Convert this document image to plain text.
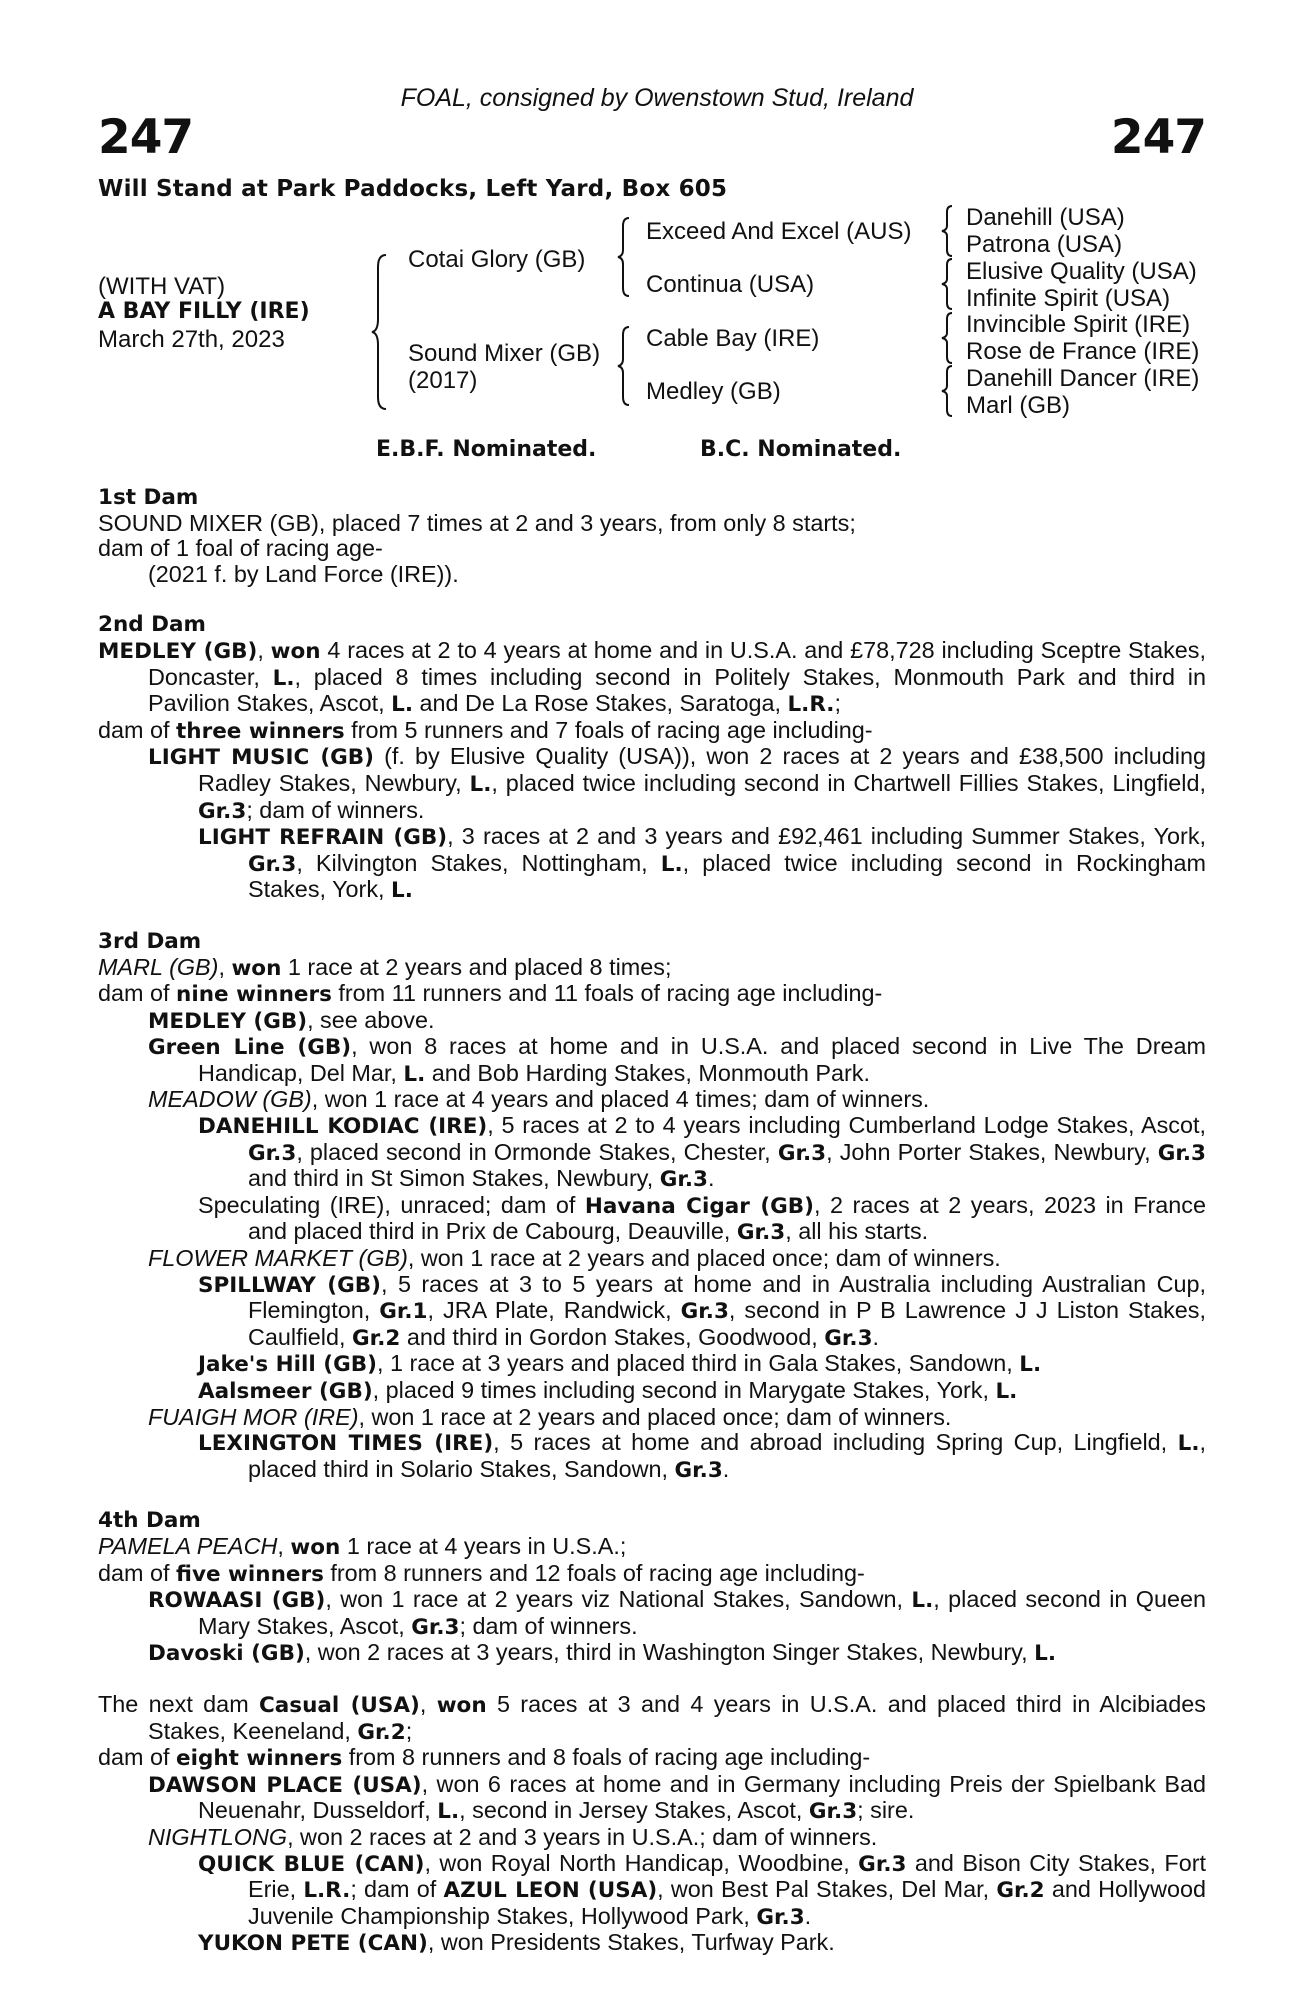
FOAL, consigned by Owenstown Stud, Ireland
247	247
Will Stand at Park Paddocks, Left Yard, Box 605
(WITH VAT)
A BAY FILLY (IRE)
March 27th, 2023
Cotai Glory (GB)
Sound Mixer (GB)
(2017)
Exceed And Excel (AUS)
Continua (USA)
Cable Bay (IRE)
Medley (GB)
Danehill (USA)
Patrona (USA)
Elusive Quality (USA)
Infinite Spirit (USA)
Invincible Spirit (IRE)
Rose de France (IRE)
Danehill Dancer (IRE)
Marl (GB)
E.B.F. Nominated.	B.C. Nominated.

1st Dam

SOUND MIXER (GB), placed 7 times at 2 and 3 years, from only 8 starts;

dam of 1 foal of racing age-

(2021 f. by Land Force (IRE)).

2nd Dam

MEDLEY (GB), won 4 races at 2 to 4 years at home and in U.S.A. and £78,728 including Sceptre Stakes, Doncaster, L., placed 8 times including second in Politely Stakes, Monmouth Park and third in Pavilion Stakes, Ascot, L. and De La Rose Stakes, Saratoga, L.R.;

dam of three winners from 5 runners and 7 foals of racing age including-

LIGHT MUSIC (GB) (f. by Elusive Quality (USA)), won 2 races at 2 years and £38,500 including Radley Stakes, Newbury, L., placed twice including second in Chartwell Fillies Stakes, Lingfield, Gr.3; dam of winners.

LIGHT REFRAIN (GB), 3 races at 2 and 3 years and £92,461 including Summer Stakes, York, Gr.3, Kilvington Stakes, Nottingham, L., placed twice including second in Rockingham Stakes, York, L.

3rd Dam

MARL (GB), won 1 race at 2 years and placed 8 times;

dam of nine winners from 11 runners and 11 foals of racing age including-

MEDLEY (GB), see above.

Green Line (GB), won 8 races at home and in U.S.A. and placed second in Live The Dream Handicap, Del Mar, L. and Bob Harding Stakes, Monmouth Park.

MEADOW (GB), won 1 race at 4 years and placed 4 times; dam of winners.

DANEHILL KODIAC (IRE), 5 races at 2 to 4 years including Cumberland Lodge Stakes, Ascot, Gr.3, placed second in Ormonde Stakes, Chester, Gr.3, John Porter Stakes, Newbury, Gr.3 and third in St Simon Stakes, Newbury, Gr.3.

Speculating (IRE), unraced; dam of Havana Cigar (GB), 2 races at 2 years, 2023 in France and placed third in Prix de Cabourg, Deauville, Gr.3, all his starts.

FLOWER MARKET (GB), won 1 race at 2 years and placed once; dam of winners.

SPILLWAY (GB), 5 races at 3 to 5 years at home and in Australia including Australian Cup, Flemington, Gr.1, JRA Plate, Randwick, Gr.3, second in P B Lawrence J J Liston Stakes, Caulfield, Gr.2 and third in Gordon Stakes, Goodwood, Gr.3.

Jake's Hill (GB), 1 race at 3 years and placed third in Gala Stakes, Sandown, L.

Aalsmeer (GB), placed 9 times including second in Marygate Stakes, York, L.

FUAIGH MOR (IRE), won 1 race at 2 years and placed once; dam of winners.

LEXINGTON TIMES (IRE), 5 races at home and abroad including Spring Cup, Lingfield, L., placed third in Solario Stakes, Sandown, Gr.3.

4th Dam

PAMELA PEACH, won 1 race at 4 years in U.S.A.;

dam of five winners from 8 runners and 12 foals of racing age including-

ROWAASI (GB), won 1 race at 2 years viz National Stakes, Sandown, L., placed second in Queen Mary Stakes, Ascot, Gr.3; dam of winners.

Davoski (GB), won 2 races at 3 years, third in Washington Singer Stakes, Newbury, L.

The next dam Casual (USA), won 5 races at 3 and 4 years in U.S.A. and placed third in Alcibiades Stakes, Keeneland, Gr.2;

dam of eight winners from 8 runners and 8 foals of racing age including-

DAWSON PLACE (USA), won 6 races at home and in Germany including Preis der Spielbank Bad Neuenahr, Dusseldorf, L., second in Jersey Stakes, Ascot, Gr.3; sire.

NIGHTLONG, won 2 races at 2 and 3 years in U.S.A.; dam of winners.

QUICK BLUE (CAN), won Royal North Handicap, Woodbine, Gr.3 and Bison City Stakes, Fort Erie, L.R.; dam of AZUL LEON (USA), won Best Pal Stakes, Del Mar, Gr.2 and Hollywood Juvenile Championship Stakes, Hollywood Park, Gr.3.

YUKON PETE (CAN), won Presidents Stakes, Turfway Park.
